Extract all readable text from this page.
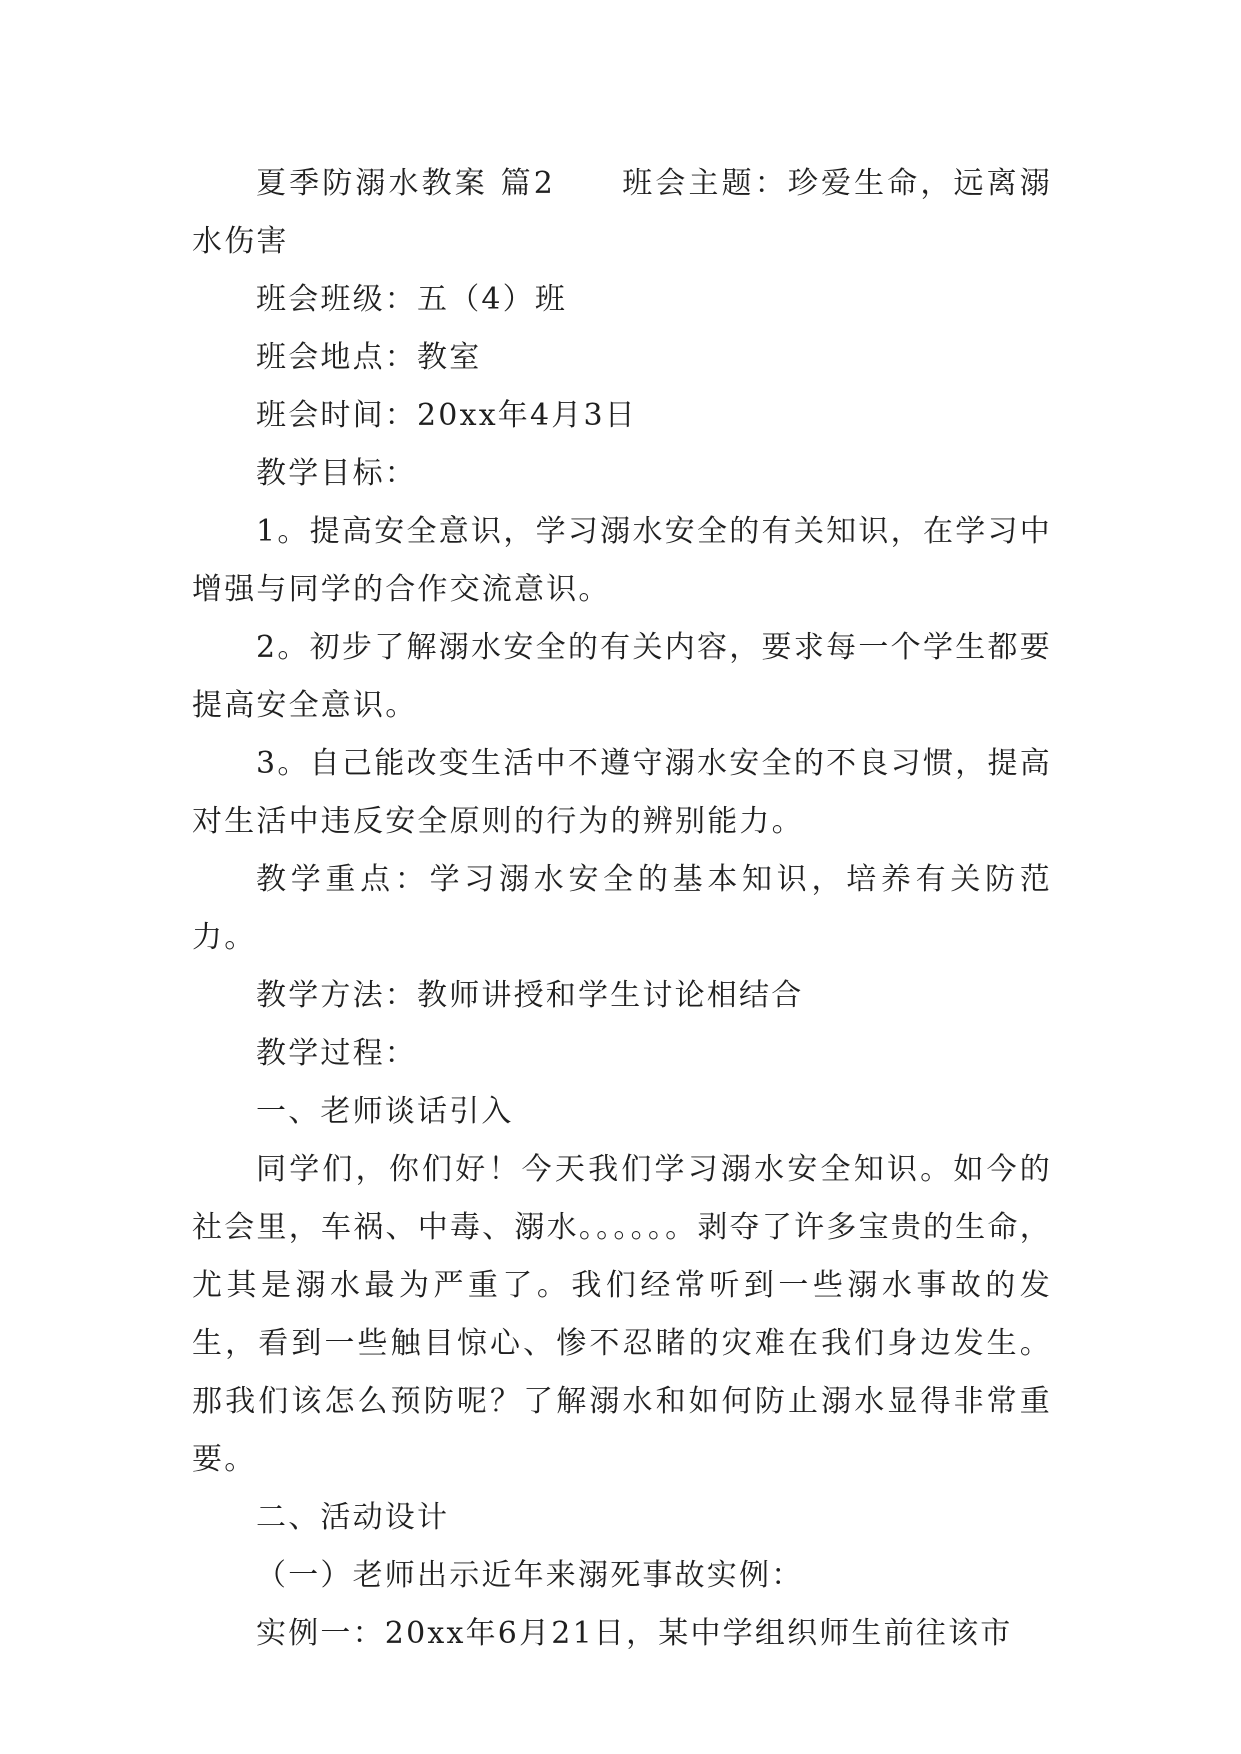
夏季防溺水教案 篇2　　班会主题：珍爱生命，远离溺水伤害

班会班级：五（4）班

班会地点：教室

班会时间：20xx年4月3日

教学目标：

1。提高安全意识，学习溺水安全的有关知识，在学习中增强与同学的合作交流意识。

2。初步了解溺水安全的有关内容，要求每一个学生都要提高安全意识。

3。自己能改变生活中不遵守溺水安全的不良习惯，提高对生活中违反安全原则的行为的辨别能力。

教学重点：学习溺水安全的基本知识，培养有关防范力。

教学方法：教师讲授和学生讨论相结合

教学过程：

一、老师谈话引入

同学们，你们好！今天我们学习溺水安全知识。如今的社会里，车祸、中毒、溺水。。。。。。剥夺了许多宝贵的生命，尤其是溺水最为严重了。我们经常听到一些溺水事故的发生，看到一些触目惊心、惨不忍睹的灾难在我们身边发生。那我们该怎么预防呢？了解溺水和如何防止溺水显得非常重要。

二、活动设计

（一）老师出示近年来溺死事故实例：

实例一：20xx年6月21日，某中学组织师生前往该市
